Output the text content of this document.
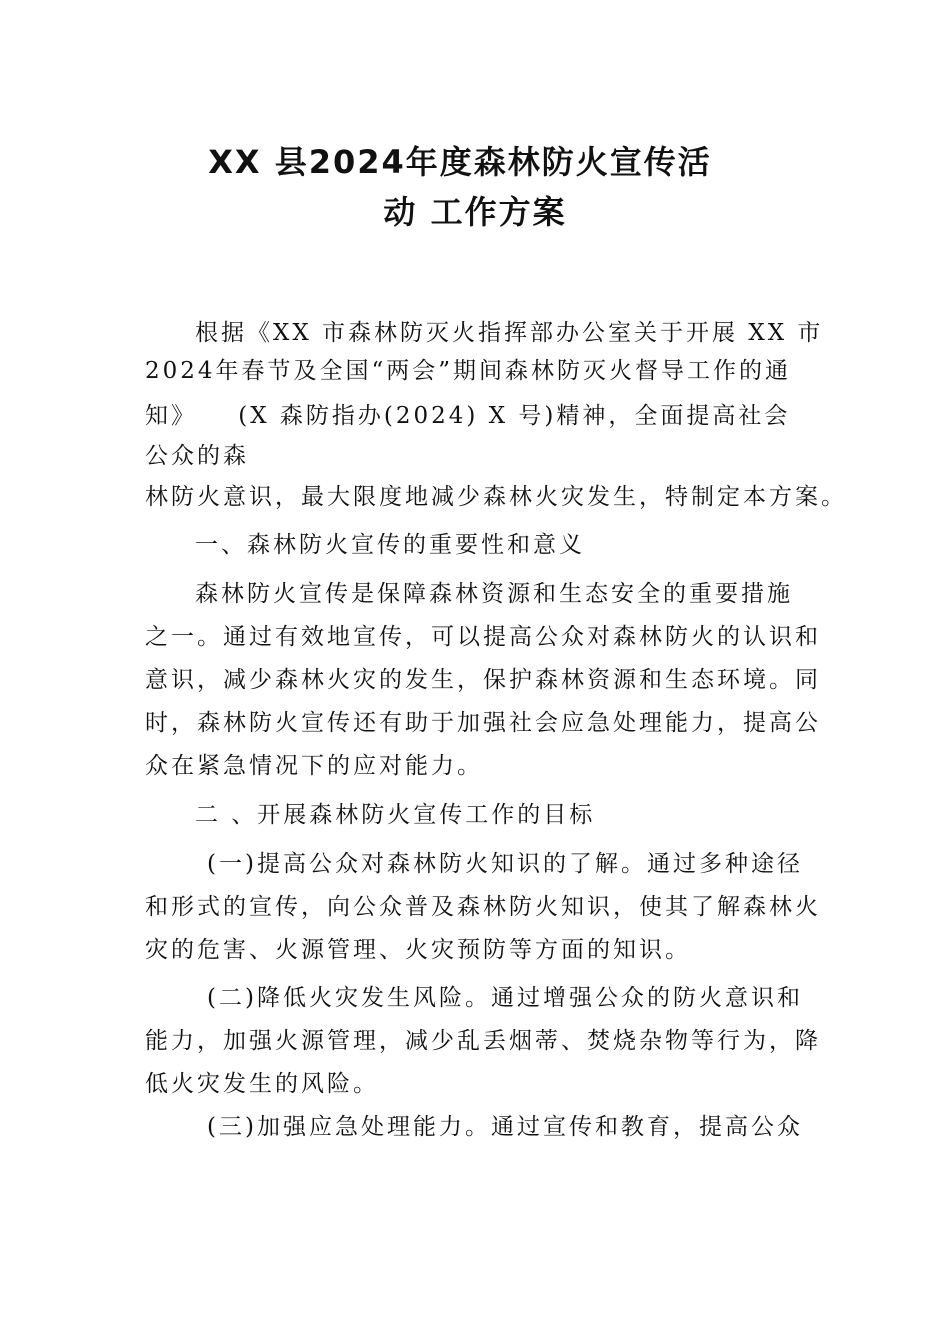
XX 县2024年度森林防火宣传活
动 工作方案

根据《XX 市森林防灭火指挥部办公室关于开展 XX 市

2024年春节及全国“两会”期间森林防灭火督导工作的通

知》    (X 森防指办(2024) X 号)精神，全面提高社会

公众的森

林防火意识，最大限度地减少森林火灾发生，特制定本方案。

一、森林防火宣传的重要性和意义

森林防火宣传是保障森林资源和生态安全的重要措施

之一。通过有效地宣传，可以提高公众对森林防火的认识和

意识，减少森林火灾的发生，保护森林资源和生态环境。同

时，森林防火宣传还有助于加强社会应急处理能力，提高公

众在紧急情况下的应对能力。

二 、开展森林防火宣传工作的目标

(一)提高公众对森林防火知识的了解。通过多种途径

和形式的宣传，向公众普及森林防火知识，使其了解森林火

灾的危害、火源管理、火灾预防等方面的知识。

(二)降低火灾发生风险。通过增强公众的防火意识和

能力，加强火源管理，减少乱丢烟蒂、焚烧杂物等行为，降

低火灾发生的风险。

(三)加强应急处理能力。通过宣传和教育，提高公众
